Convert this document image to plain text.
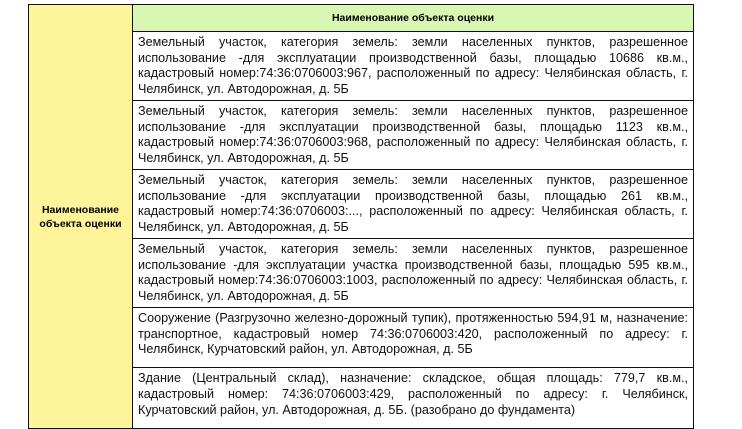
Наименование объекта оценки	Наименование объекта оценки
Земельный участок, категория земель: земли населенных пунктов, разрешенное использование -для эксплуатации производственной базы, площадью 10686 кв.м., кадастровый номер:74:36:0706003:967, расположенный по адресу: Челябинская область, г. Челябинск, ул. Автодорожная, д. 5Б
Земельный участок, категория земель: земли населенных пунктов, разрешенное использование -для эксплуатации производственной базы, площадью 1123 кв.м., кадастровый номер:74:36:0706003:968, расположенный по адресу: Челябинская область, г. Челябинск, ул. Автодорожная, д. 5Б
Земельный участок, категория земель: земли населенных пунктов, разрешенное использование -для эксплуатации производственной базы, площадью 261 кв.м., кадастровый номер:74:36:0706003:..., расположенный по адресу: Челябинская область, г. Челябинск, ул. Автодорожная, д. 5Б
Земельный участок, категория земель: земли населенных пунктов, разрешенное использование -для эксплуатации участка производственной базы, площадью 595 кв.м., кадастровый номер:74:36:0706003:1003, расположенный по адресу: Челябинская область, г. Челябинск, ул. Автодорожная, д. 5Б
Сооружение (Разгрузочно железно-дорожный тупик), протяженностью 594,91 м, назначение: транспортное, кадастровый номер 74:36:0706003:420, расположенный по адресу: г. Челябинск, Курчатовский район, ул. Автодорожная, д. 5Б
Здание (Центральный склад), назначение: складское, общая площадь: 779,7 кв.м., кадастровый номер: 74:36:0706003:429, расположенный по адресу: г. Челябинск, Курчатовский район, ул. Автодорожная, д. 5Б. (разобрано до фундамента)
